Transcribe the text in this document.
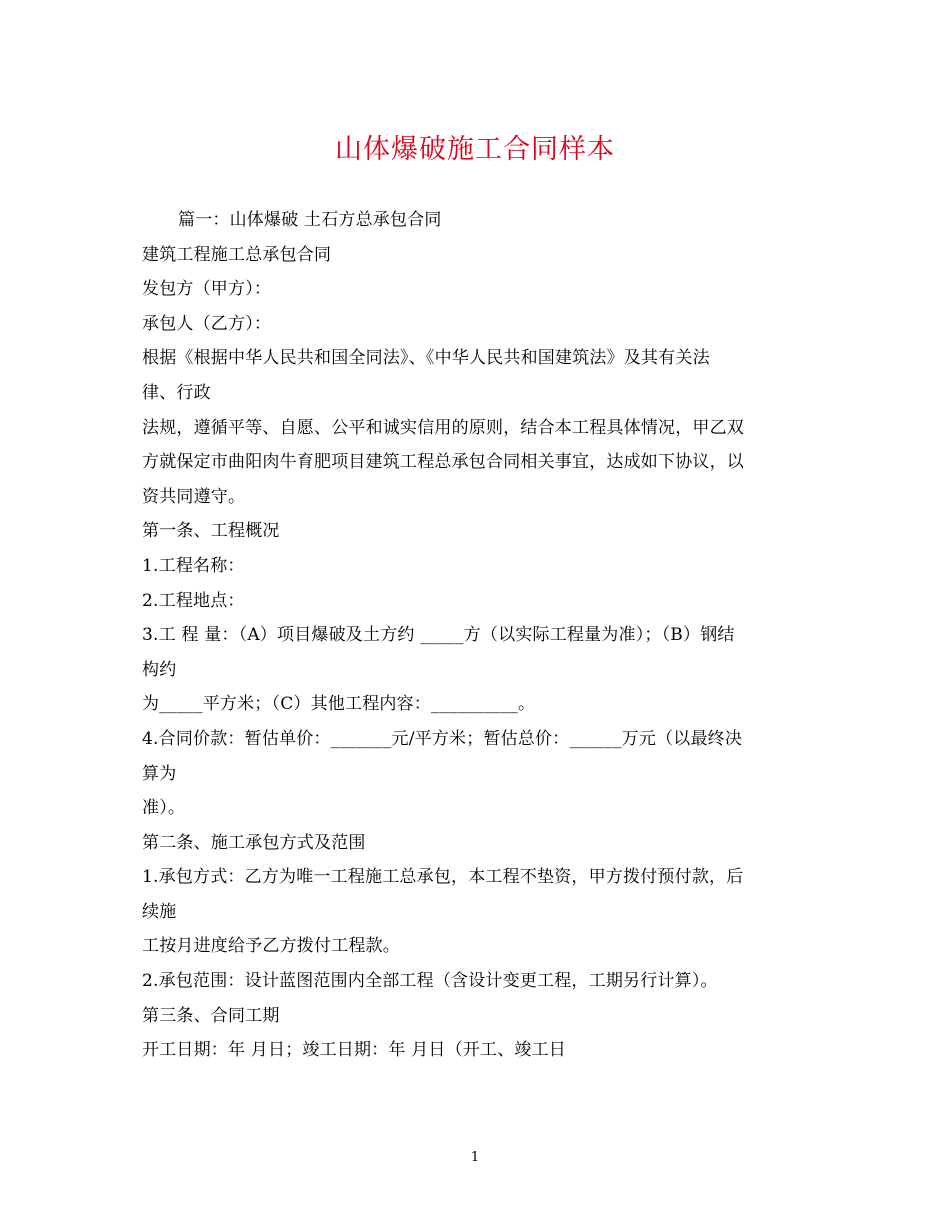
山体爆破施工合同样本
篇一：山体爆破 土石方总承包合同
建筑工程施工总承包合同
发包方（甲方）：
承包人（乙方）：
根据《根据中华人民共和国全同法》、《中华人民共和国建筑法》及其有关法
律、行政
法规，遵循平等、自愿、公平和诚实信用的原则，结合本工程具体情况，甲乙双
方就保定市曲阳肉牛育肥项目建筑工程总承包合同相关事宜，达成如下协议，以
资共同遵守。
第一条、工程概况
1.工程名称：
2.工程地点：
3.工 程 量：（A）项目爆破及土方约 _____方（以实际工程量为准）；（B）钢结
构约
为_____平方米；（C）其他工程内容：__________。
4.合同价款：暂估单价：_______元/平方米；暂估总价：______万元（以最终决
算为
准）。
第二条、施工承包方式及范围
1.承包方式：乙方为唯一工程施工总承包，本工程不垫资，甲方拨付预付款，后
续施
工按月进度给予乙方拨付工程款。
2.承包范围：设计蓝图范围内全部工程（含设计变更工程，工期另行计算）。
第三条、合同工期
开工日期：年 月日；竣工日期：年 月日（开工、竣工日
1
